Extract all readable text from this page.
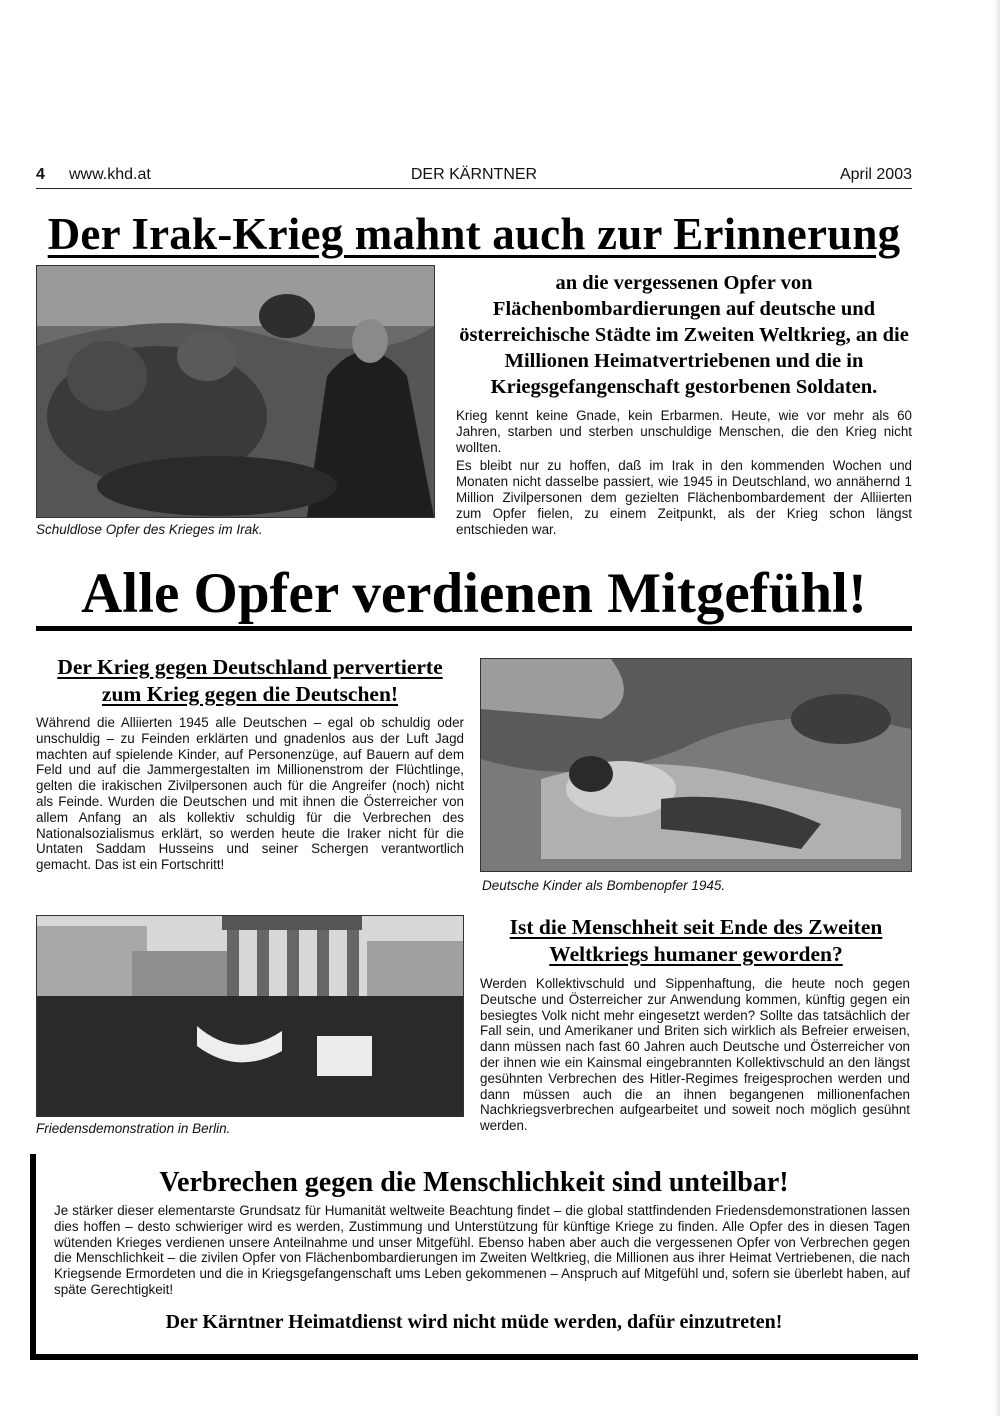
4 www.khd.at	DER KÄRNTNER	April 2003
Der Irak-Krieg mahnt auch zur Erinnerung
Schuldlose Opfer des Krieges im Irak.
an die vergessenen Opfer von Flächenbombardierungen auf deutsche und österreichische Städte im Zweiten Weltkrieg, an die Millionen Heimatvertriebenen und die in Kriegsgefangenschaft gestorbenen Soldaten.

Krieg kennt keine Gnade, kein Erbarmen. Heute, wie vor mehr als 60 Jahren, starben und sterben unschuldige Menschen, die den Krieg nicht wollten.

Es bleibt nur zu hoffen, daß im Irak in den kommenden Wochen und Monaten nicht dasselbe passiert, wie 1945 in Deutschland, wo annähernd 1 Million Zivilpersonen dem gezielten Flächenbombardement der Alliierten zum Opfer fielen, zu einem Zeitpunkt, als der Krieg schon längst entschieden war.

Alle Opfer verdienen Mitgefühl!
Der Krieg gegen Deutschland pervertierte zum Krieg gegen die Deutschen!
Während die Alliierten 1945 alle Deutschen – egal ob schuldig oder unschuldig – zu Feinden erklärten und gnadenlos aus der Luft Jagd machten auf spielende Kinder, auf Personenzüge, auf Bauern auf dem Feld und auf die Jammergestalten im Millionenstrom der Flüchtlinge, gelten die irakischen Zivilpersonen auch für die Angreifer (noch) nicht als Feinde. Wurden die Deutschen und mit ihnen die Österreicher von allem Anfang an als kollektiv schuldig für die Verbrechen des Nationalsozialismus erklärt, so werden heute die Iraker nicht für die Untaten Saddam Husseins und seiner Schergen verantwortlich gemacht. Das ist ein Fortschritt!
Deutsche Kinder als Bombenopfer 1945.
Friedensdemonstration in Berlin.
Ist die Menschheit seit Ende des Zweiten Weltkriegs humaner geworden?
Werden Kollektivschuld und Sippenhaftung, die heute noch gegen Deutsche und Österreicher zur Anwendung kommen, künftig gegen ein besiegtes Volk nicht mehr eingesetzt werden? Sollte das tatsächlich der Fall sein, und Amerikaner und Briten sich wirklich als Befreier erweisen, dann müssen nach fast 60 Jahren auch Deutsche und Österreicher von der ihnen wie ein Kainsmal eingebrannten Kollektivschuld an den längst gesühnten Verbrechen des Hitler-Regimes freigesprochen werden und dann müssen auch die an ihnen begangenen millionenfachen Nachkriegsverbrechen aufgearbeitet und soweit noch möglich gesühnt werden.
Verbrechen gegen die Menschlichkeit sind unteilbar!
Je stärker dieser elementarste Grundsatz für Humanität weltweite Beachtung findet – die global stattfindenden Friedensdemonstrationen lassen dies hoffen – desto schwieriger wird es werden, Zustimmung und Unterstützung für künftige Kriege zu finden. Alle Opfer des in diesen Tagen wütenden Krieges verdienen unsere Anteilnahme und unser Mitgefühl. Ebenso haben aber auch die vergessenen Opfer von Verbrechen gegen die Menschlichkeit – die zivilen Opfer von Flächenbombardierungen im Zweiten Weltkrieg, die Millionen aus ihrer Heimat Vertriebenen, die nach Kriegsende Ermordeten und die in Kriegsgefangenschaft ums Leben gekommenen – Anspruch auf Mitgefühl und, sofern sie überlebt haben, auf späte Gerechtigkeit!
Der Kärntner Heimatdienst wird nicht müde werden, dafür einzutreten!
